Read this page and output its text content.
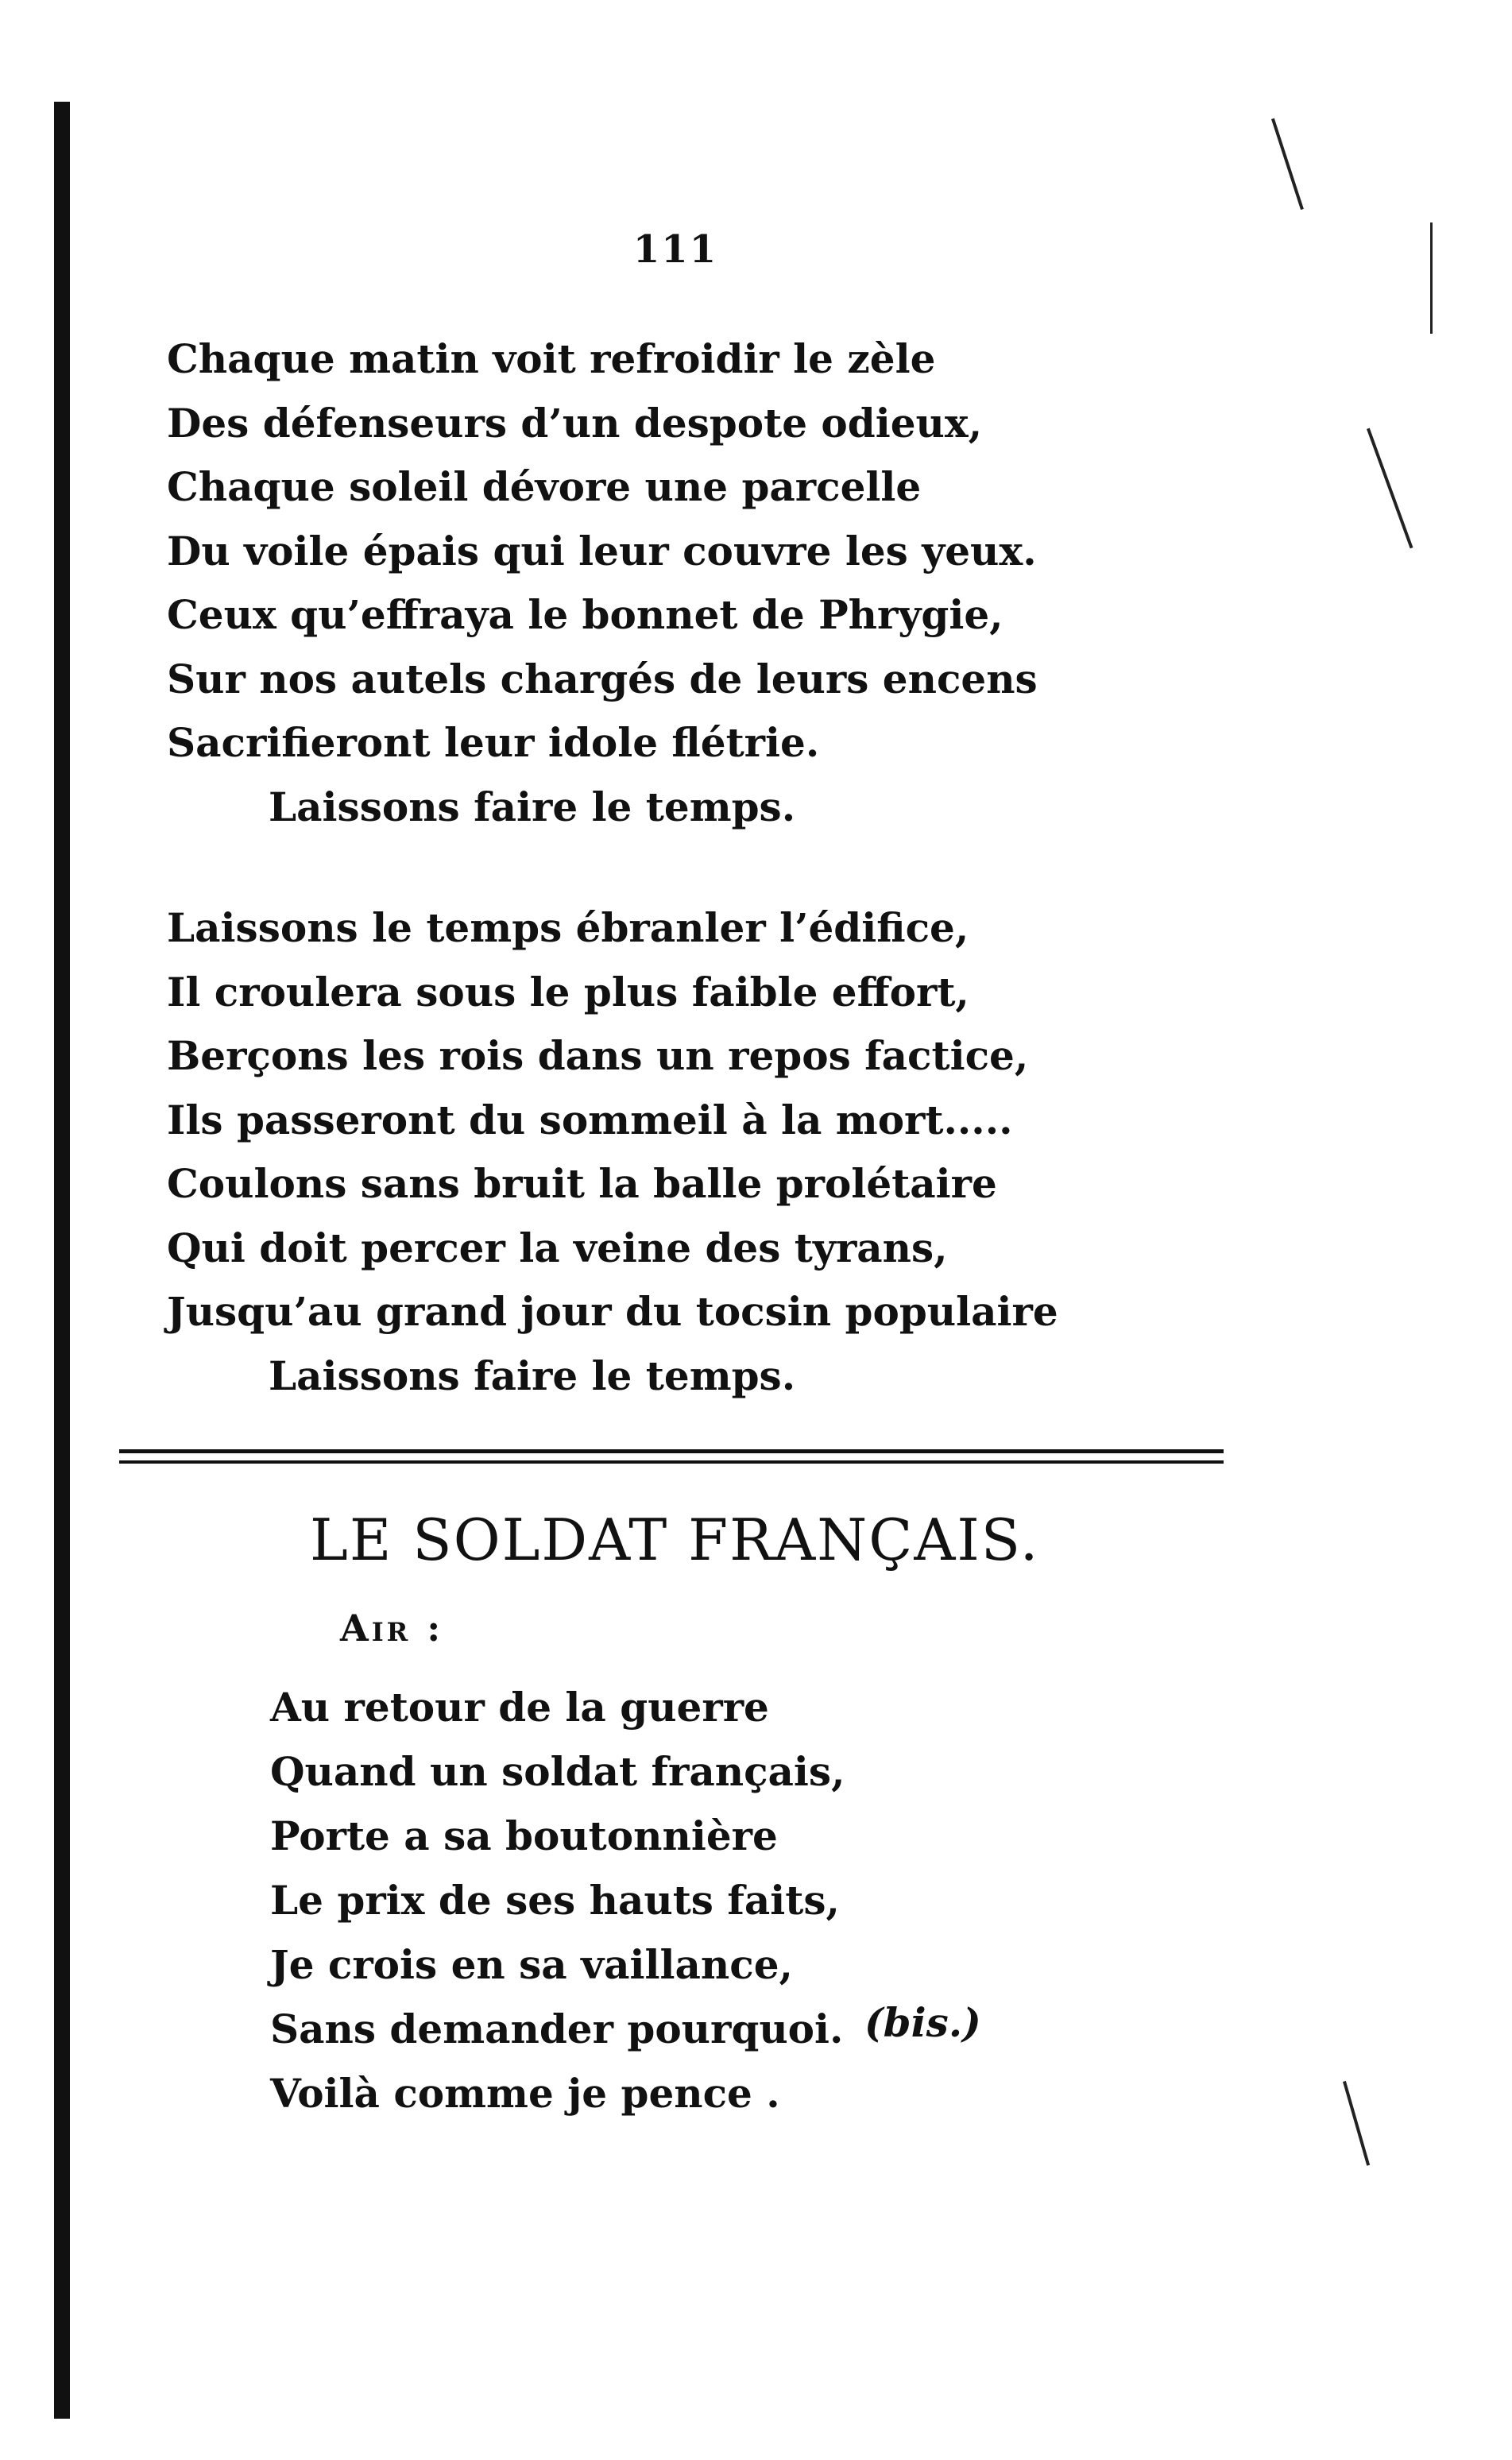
111
Chaque matin voit refroidir le zèle
Des défenseurs d’un despote odieux,
Chaque soleil dévore une parcelle
Du voile épais qui leur couvre les yeux.
Ceux qu’effraya le bonnet de Phrygie,
Sur nos autels chargés de leurs encens
Sacrifieront leur idole flétrie.
Laissons faire le temps.
Laissons le temps ébranler l’édifice,
Il croulera sous le plus faible effort,
Berçons les rois dans un repos factice,
Ils passeront du sommeil à la mort.....
Coulons sans bruit la balle prolétaire
Qui doit percer la veine des tyrans,
Jusqu’au grand jour du tocsin populaire
Laissons faire le temps.
LE SOLDAT FRANÇAIS.
Air :
Au retour de la guerre
Quand un soldat français,
Porte a sa boutonnière
Le prix de ses hauts faits,
Je crois en sa vaillance,
Sans demander pourquoi.
Voilà comme je pence .
(bis.)
